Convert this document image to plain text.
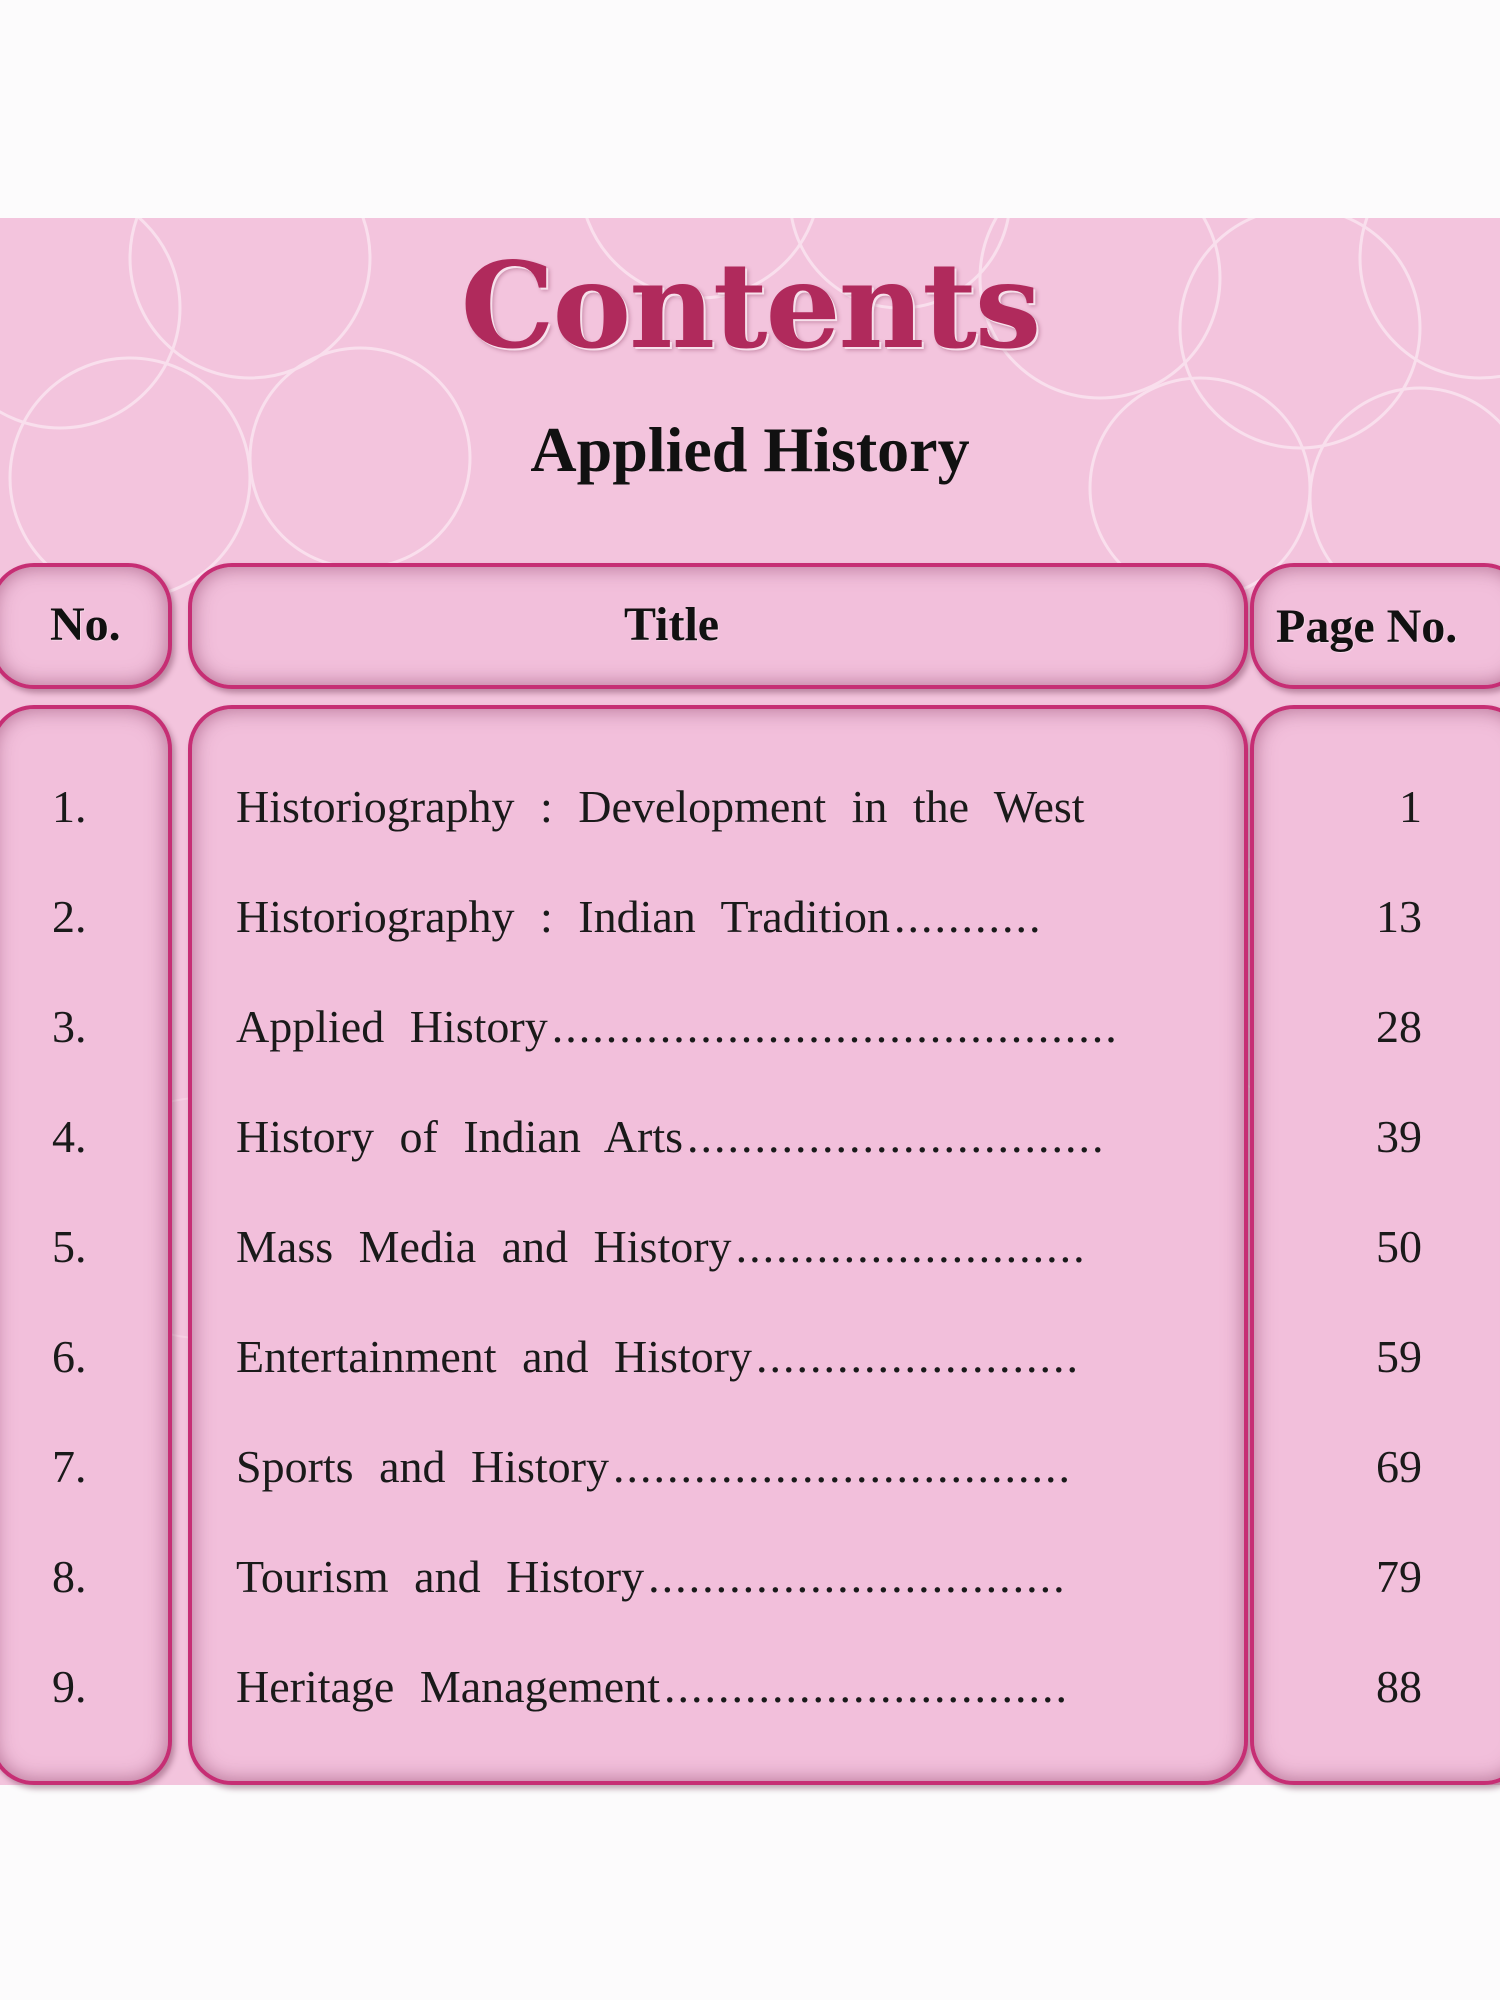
Contents
Applied History
No.	Title	Page No.
1.	Historiography : Development in the West	1
2.	Historiography : Indian Tradition ...........	13
3.	Applied History ..........................................	28
4.	History of Indian Arts ...............................	39
5.	Mass Media and History ..........................	50
6.	Entertainment and History ........................	59
7.	Sports and History ..................................	69
8.	Tourism and History ...............................	79
9.	Heritage Management ..............................	88
